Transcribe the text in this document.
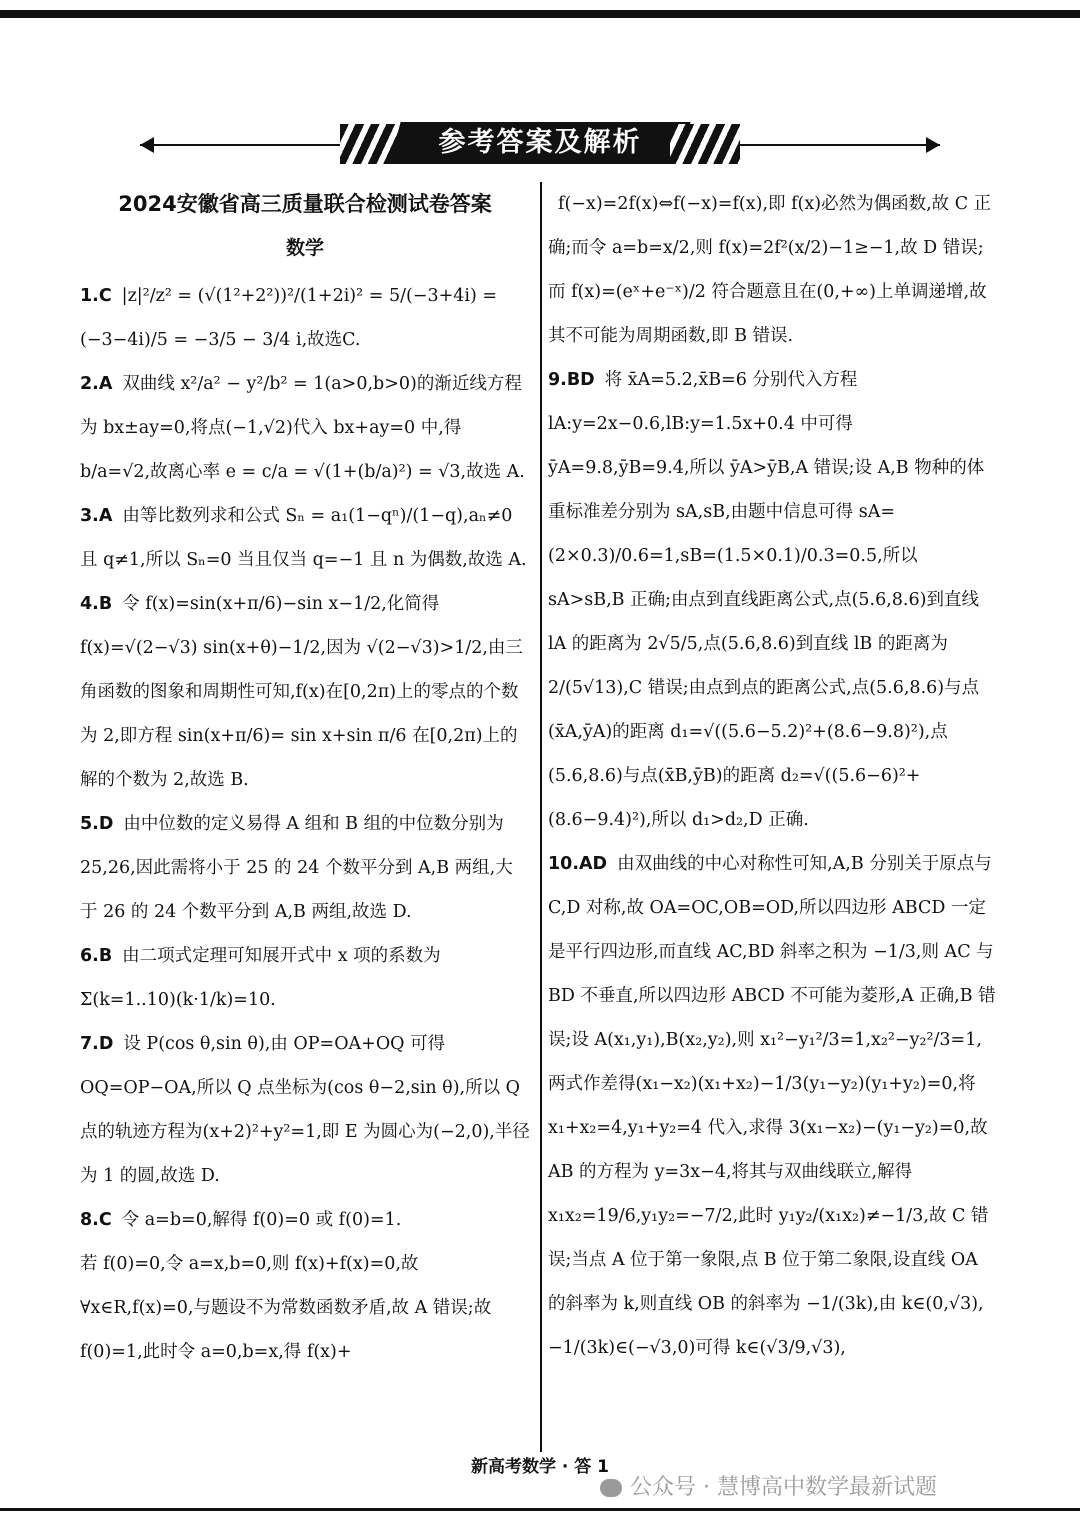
参考答案及解析
2024安徽省高三质量联合检测试卷答案
数学
1.C |z|²/z² = (√(1²+2²))²/(1+2i)² = 5/(−3+4i) = (−3−4i)/5 = −3/5 − 3/4 i,故选C.
2.A 双曲线 x²/a² − y²/b² = 1(a>0,b>0)的渐近线方程为 bx±ay=0,将点(−1,√2)代入 bx+ay=0 中,得 b/a=√2,故离心率 e = c/a = √(1+(b/a)²) = √3,故选 A.
3.A 由等比数列求和公式 Sₙ = a₁(1−qⁿ)/(1−q),aₙ≠0 且 q≠1,所以 Sₙ=0 当且仅当 q=−1 且 n 为偶数,故选 A.
4.B 令 f(x)=sin(x+π/6)−sin x−1/2,化简得 f(x)=√(2−√3) sin(x+θ)−1/2,因为 √(2−√3)>1/2,由三角函数的图象和周期性可知,f(x)在[0,2π)上的零点的个数为 2,即方程 sin(x+π/6)= sin x+sin π/6 在[0,2π)上的解的个数为 2,故选 B.
5.D 由中位数的定义易得 A 组和 B 组的中位数分别为 25,26,因此需将小于 25 的 24 个数平分到 A,B 两组,大于 26 的 24 个数平分到 A,B 两组,故选 D.
6.B 由二项式定理可知展开式中 x 项的系数为 Σ(k=1..10)(k·1/k)=10.
7.D 设 P(cos θ,sin θ),由 OP=OA+OQ 可得 OQ=OP−OA,所以 Q 点坐标为(cos θ−2,sin θ),所以 Q 点的轨迹方程为(x+2)²+y²=1,即 E 为圆心为(−2,0),半径为 1 的圆,故选 D.
8.C 令 a=b=0,解得 f(0)=0 或 f(0)=1.
若 f(0)=0,令 a=x,b=0,则 f(x)+f(x)=0,故∀x∈R,f(x)=0,与题设不为常数函数矛盾,故 A 错误;故 f(0)=1,此时令 a=0,b=x,得 f(x)+
f(−x)=2f(x)⇔f(−x)=f(x),即 f(x)必然为偶函数,故 C 正确;而令 a=b=x/2,则 f(x)=2f²(x/2)−1≥−1,故 D 错误;而 f(x)=(eˣ+e⁻ˣ)/2 符合题意且在(0,+∞)上单调递增,故其不可能为周期函数,即 B 错误.
9.BD 将 x̄A=5.2,x̄B=6 分别代入方程 lA:y=2x−0.6,lB:y=1.5x+0.4 中可得 ȳA=9.8,ȳB=9.4,所以 ȳA>ȳB,A 错误;设 A,B 物种的体重标准差分别为 sA,sB,由题中信息可得 sA=(2×0.3)/0.6=1,sB=(1.5×0.1)/0.3=0.5,所以 sA>sB,B 正确;由点到直线距离公式,点(5.6,8.6)到直线 lA 的距离为 2√5/5,点(5.6,8.6)到直线 lB 的距离为 2/(5√13),C 错误;由点到点的距离公式,点(5.6,8.6)与点(x̄A,ȳA)的距离 d₁=√((5.6−5.2)²+(8.6−9.8)²),点(5.6,8.6)与点(x̄B,ȳB)的距离 d₂=√((5.6−6)²+(8.6−9.4)²),所以 d₁>d₂,D 正确.
10.AD 由双曲线的中心对称性可知,A,B 分别关于原点与 C,D 对称,故 OA=OC,OB=OD,所以四边形 ABCD 一定是平行四边形,而直线 AC,BD 斜率之积为 −1/3,则 AC 与 BD 不垂直,所以四边形 ABCD 不可能为菱形,A 正确,B 错误;设 A(x₁,y₁),B(x₂,y₂),则 x₁²−y₁²/3=1,x₂²−y₂²/3=1,两式作差得(x₁−x₂)(x₁+x₂)−1/3(y₁−y₂)(y₁+y₂)=0,将 x₁+x₂=4,y₁+y₂=4 代入,求得 3(x₁−x₂)−(y₁−y₂)=0,故 AB 的方程为 y=3x−4,将其与双曲线联立,解得 x₁x₂=19/6,y₁y₂=−7/2,此时 y₁y₂/(x₁x₂)≠−1/3,故 C 错误;当点 A 位于第一象限,点 B 位于第二象限,设直线 OA 的斜率为 k,则直线 OB 的斜率为 −1/(3k),由 k∈(0,√3),−1/(3k)∈(−√3,0)可得 k∈(√3/9,√3),
新高考数学 · 答 1
公众号 · 慧博高中数学最新试题
